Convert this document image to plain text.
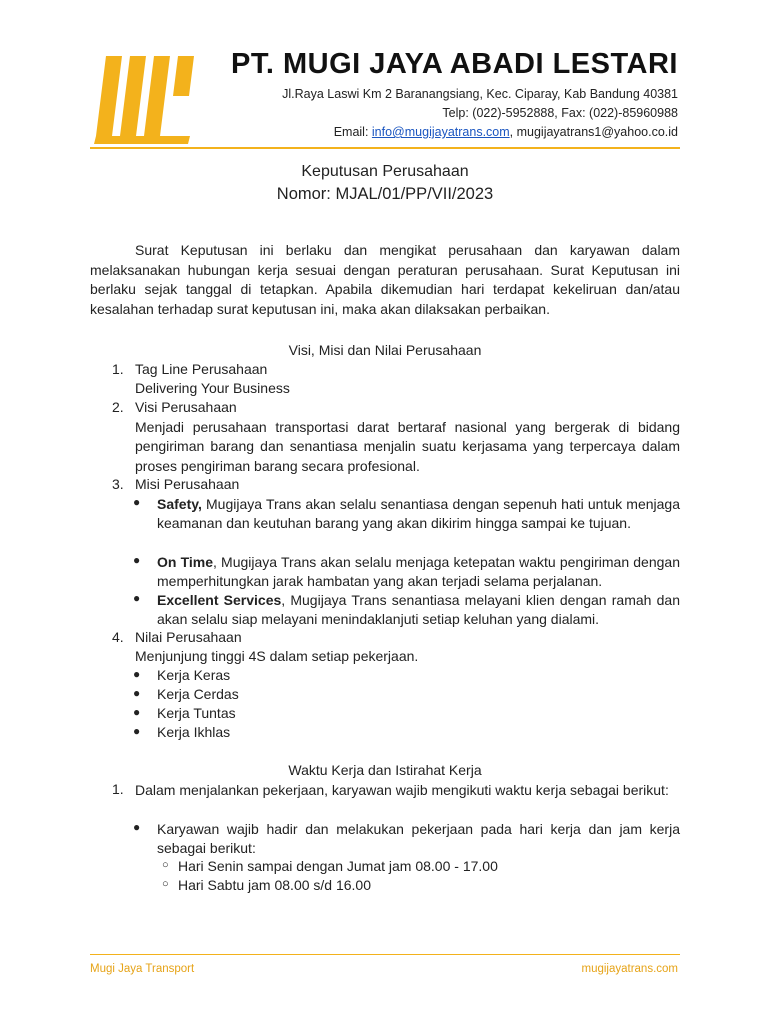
PT. MUGI JAYA ABADI LESTARI
Jl.Raya Laswi Km 2 Baranangsiang, Kec. Ciparay, Kab Bandung 40381
Telp: (022)-5952888, Fax: (022)-85960988
Email: info@mugijayatrans.com, mugijayatrans1@yahoo.co.id
Keputusan Perusahaan
Nomor: MJAL/01/PP/VII/2023

Surat Keputusan ini berlaku dan mengikat perusahaan dan karyawan dalam melaksanakan hubungan kerja sesuai dengan peraturan perusahaan. Surat Keputusan ini berlaku sejak tanggal di tetapkan. Apabila dikemudian hari terdapat kekeliruan dan/atau kesalahan terhadap surat keputusan ini, maka akan dilaksakan perbaikan.

Visi, Misi dan Nilai Perusahaan
1. Tag Line Perusahaan
Delivering Your Business
2. Visi Perusahaan

Menjadi perusahaan transportasi darat bertaraf nasional yang bergerak di bidang pengiriman barang dan senantiasa menjalin suatu kerjasama yang terpercaya dalam proses pengiriman barang secara profesional.

3. Misi Perusahaan
● Safety, Mugijaya Trans akan selalu senantiasa dengan sepenuh hati untuk menjaga keamanan dan keutuhan barang yang akan dikirim hingga sampai ke tujuan.

● On Time, Mugijaya Trans akan selalu menjaga ketepatan waktu pengiriman dengan memperhitungkan jarak hambatan yang akan terjadi selama perjalanan.

● Excellent Services, Mugijaya Trans senantiasa melayani klien dengan ramah dan akan selalu siap melayani menindaklanjuti setiap keluhan yang dialami.

4. Nilai Perusahaan
Menjunjung tinggi 4S dalam setiap pekerjaan.
● Kerja Keras
● Kerja Cerdas
● Kerja Tuntas
● Kerja Ikhlas
Waktu Kerja dan Istirahat Kerja
1. Dalam menjalankan pekerjaan, karyawan wajib mengikuti waktu kerja sebagai berikut:

● Karyawan wajib hadir dan melakukan pekerjaan pada hari kerja dan jam kerja sebagai berikut:

○ Hari Senin sampai dengan Jumat jam 08.00 - 17.00
○ Hari Sabtu jam 08.00 s/d 16.00
Mugi Jaya Transport	mugijayatrans.com
